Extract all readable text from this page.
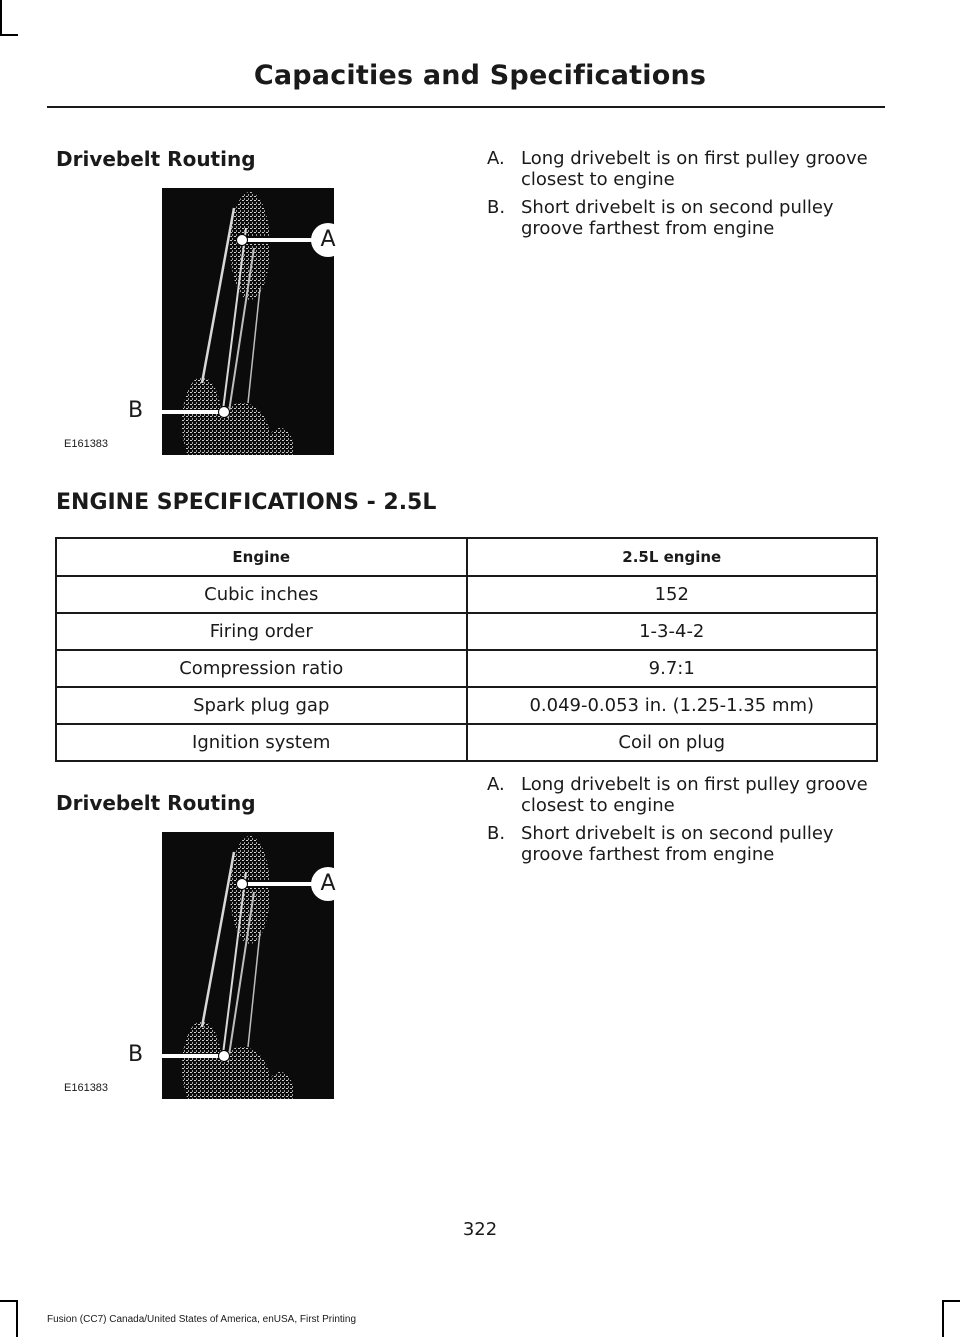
Capacities and Specifications
Drivebelt Routing
A
B
E161383
A. Long drivebelt is on first pulley groove closest to engine
B. Short drivebelt is on second pulley groove farthest from engine
ENGINE SPECIFICATIONS - 2.5L
Engine	2.5L engine
Cubic inches	152
Firing order	1-3-4-2
Compression ratio	9.7:1
Spark plug gap	0.049-0.053 in. (1.25-1.35 mm)
Ignition system	Coil on plug
Drivebelt Routing
A
B
E161383
A. Long drivebelt is on first pulley groove closest to engine
B. Short drivebelt is on second pulley groove farthest from engine
322
Fusion (CC7) Canada/United States of America, enUSA, First Printing
